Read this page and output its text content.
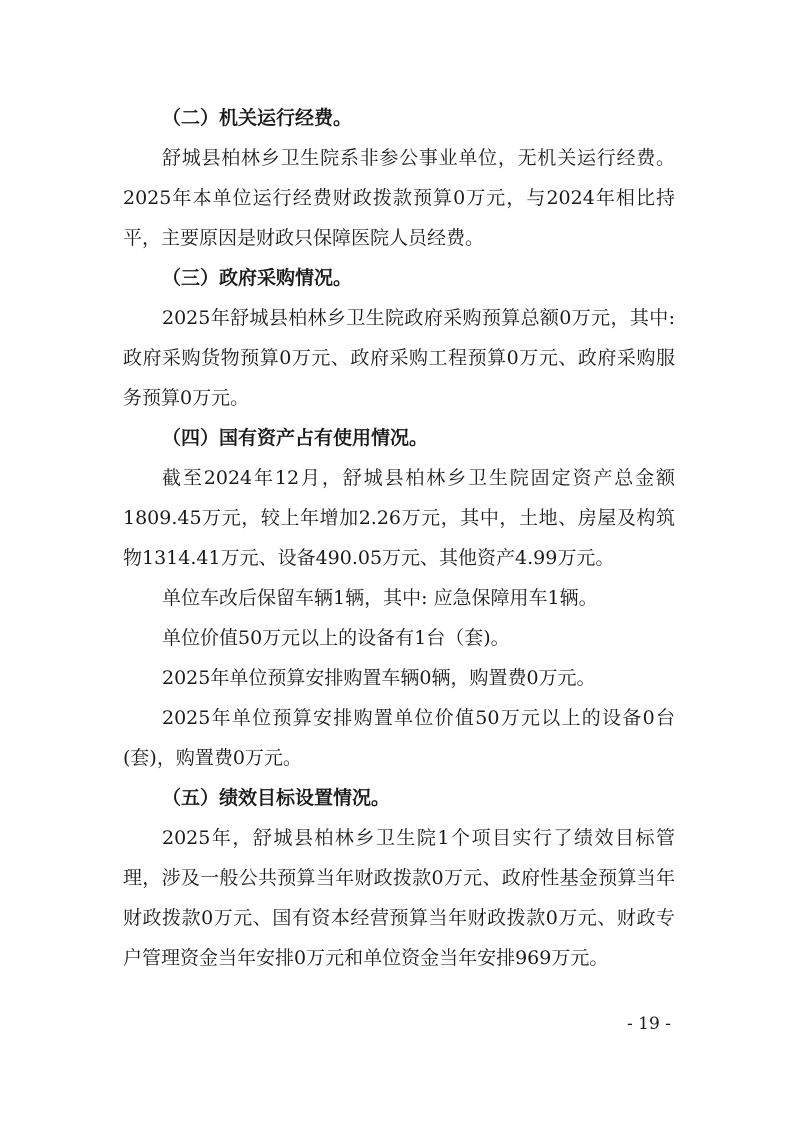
（二）机关运行经费。

舒城县柏林乡卫生院系非参公事业单位，无机关运行经费。2025年本单位运行经费财政拨款预算0万元，与2024年相比持平，主要原因是财政只保障医院人员经费。

（三）政府采购情况。

2025年舒城县柏林乡卫生院政府采购预算总额0万元，其中: 政府采购货物预算0万元、政府采购工程预算0万元、政府采购服务预算0万元。

（四）国有资产占有使用情况。

截至2024年12月，舒城县柏林乡卫生院固定资产总金额1809.45万元，较上年增加2.26万元，其中，土地、房屋及构筑物1314.41万元、设备490.05万元、其他资产4.99万元。

单位车改后保留车辆1辆，其中: 应急保障用车1辆。

单位价值50万元以上的设备有1台（套)。

2025年单位预算安排购置车辆0辆，购置费0万元。

2025年单位预算安排购置单位价值50万元以上的设备0台(套)，购置费0万元。

（五）绩效目标设置情况。

2025年，舒城县柏林乡卫生院1个项目实行了绩效目标管理，涉及一般公共预算当年财政拨款0万元、政府性基金预算当年财政拨款0万元、国有资本经营预算当年财政拨款0万元、财政专户管理资金当年安排0万元和单位资金当年安排969万元。

- 19 -
